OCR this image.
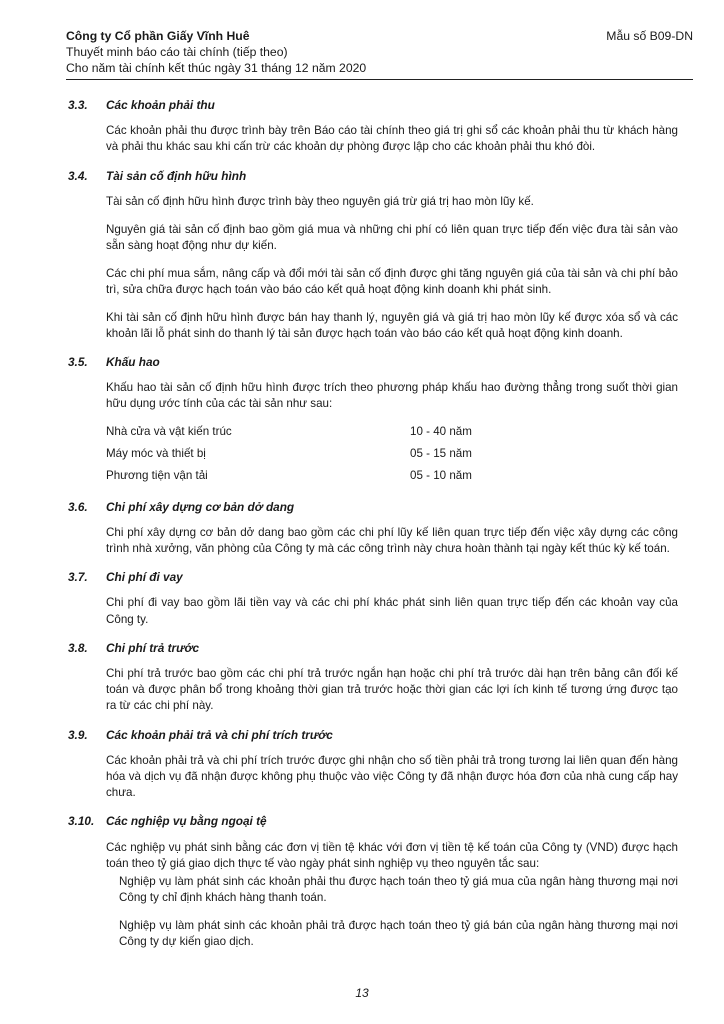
Công ty Cổ phần Giấy Vĩnh Huê
Thuyết minh báo cáo tài chính (tiếp theo)
Cho năm tài chính kết thúc ngày 31 tháng 12 năm 2020
Mẫu số B09-DN
3.3.	Các khoản phải thu

Các khoản phải thu được trình bày trên Báo cáo tài chính theo giá trị ghi sổ các khoản phải thu từ khách hàng và phải thu khác sau khi cấn trừ các khoản dự phòng được lập cho các khoản phải thu khó đòi.

3.4.	Tài sản cố định hữu hình

Tài sản cố định hữu hình được trình bày theo nguyên giá trừ giá trị hao mòn lũy kế.

Nguyên giá tài sản cố định bao gồm giá mua và những chi phí có liên quan trực tiếp đến việc đưa tài sản vào sẵn sàng hoạt động như dự kiến.

Các chi phí mua sắm, nâng cấp và đổi mới tài sản cố định được ghi tăng nguyên giá của tài sản và chi phí bảo trì, sửa chữa được hạch toán vào báo cáo kết quả hoạt động kinh doanh khi phát sinh.

Khi tài sản cố định hữu hình được bán hay thanh lý, nguyên giá và giá trị hao mòn lũy kế được xóa sổ và các khoản lãi lỗ phát sinh do thanh lý tài sản được hạch toán vào báo cáo kết quả hoạt động kinh doanh.

3.5.	Khấu hao

Khấu hao tài sản cố định hữu hình được trích theo phương pháp khấu hao đường thẳng trong suốt thời gian hữu dụng ước tính của các tài sản như sau:

Nhà cửa và vật kiến trúc	10 - 40 năm
Máy móc và thiết bị	05 - 15 năm
Phương tiện vận tải	05 - 10 năm
3.6.	Chi phí xây dựng cơ bản dở dang

Chi phí xây dựng cơ bản dở dang bao gồm các chi phí lũy kế liên quan trực tiếp đến việc xây dựng các công trình nhà xưởng, văn phòng của Công ty mà các công trình này chưa hoàn thành tại ngày kết thúc kỳ kế toán.

3.7.	Chi phí đi vay

Chi phí đi vay bao gồm lãi tiền vay và các chi phí khác phát sinh liên quan trực tiếp đến các khoản vay của Công ty.

3.8.	Chi phí trả trước

Chi phí trả trước bao gồm các chi phí trả trước ngắn hạn hoặc chi phí trả trước dài hạn trên bảng cân đối kế toán và được phân bổ trong khoảng thời gian trả trước hoặc thời gian các lợi ích kinh tế tương ứng được tạo ra từ các chi phí này.

3.9.	Các khoản phải trả và chi phí trích trước

Các khoản phải trả và chi phí trích trước được ghi nhận cho số tiền phải trả trong tương lai liên quan đến hàng hóa và dịch vụ đã nhận được không phụ thuộc vào việc Công ty đã nhận được hóa đơn của nhà cung cấp hay chưa.

3.10. Các nghiệp vụ bằng ngoại tệ

Các nghiệp vụ phát sinh bằng các đơn vị tiền tệ khác với đơn vị tiền tệ kế toán của Công ty (VND) được hạch toán theo tỷ giá giao dịch thực tế vào ngày phát sinh nghiệp vụ theo nguyên tắc sau:

Nghiệp vụ làm phát sinh các khoản phải thu được hạch toán theo tỷ giá mua của ngân hàng thương mại nơi Công ty chỉ định khách hàng thanh toán.

Nghiệp vụ làm phát sinh các khoản phải trả được hạch toán theo tỷ giá bán của ngân hàng thương mại nơi Công ty dự kiến giao dịch.

13
